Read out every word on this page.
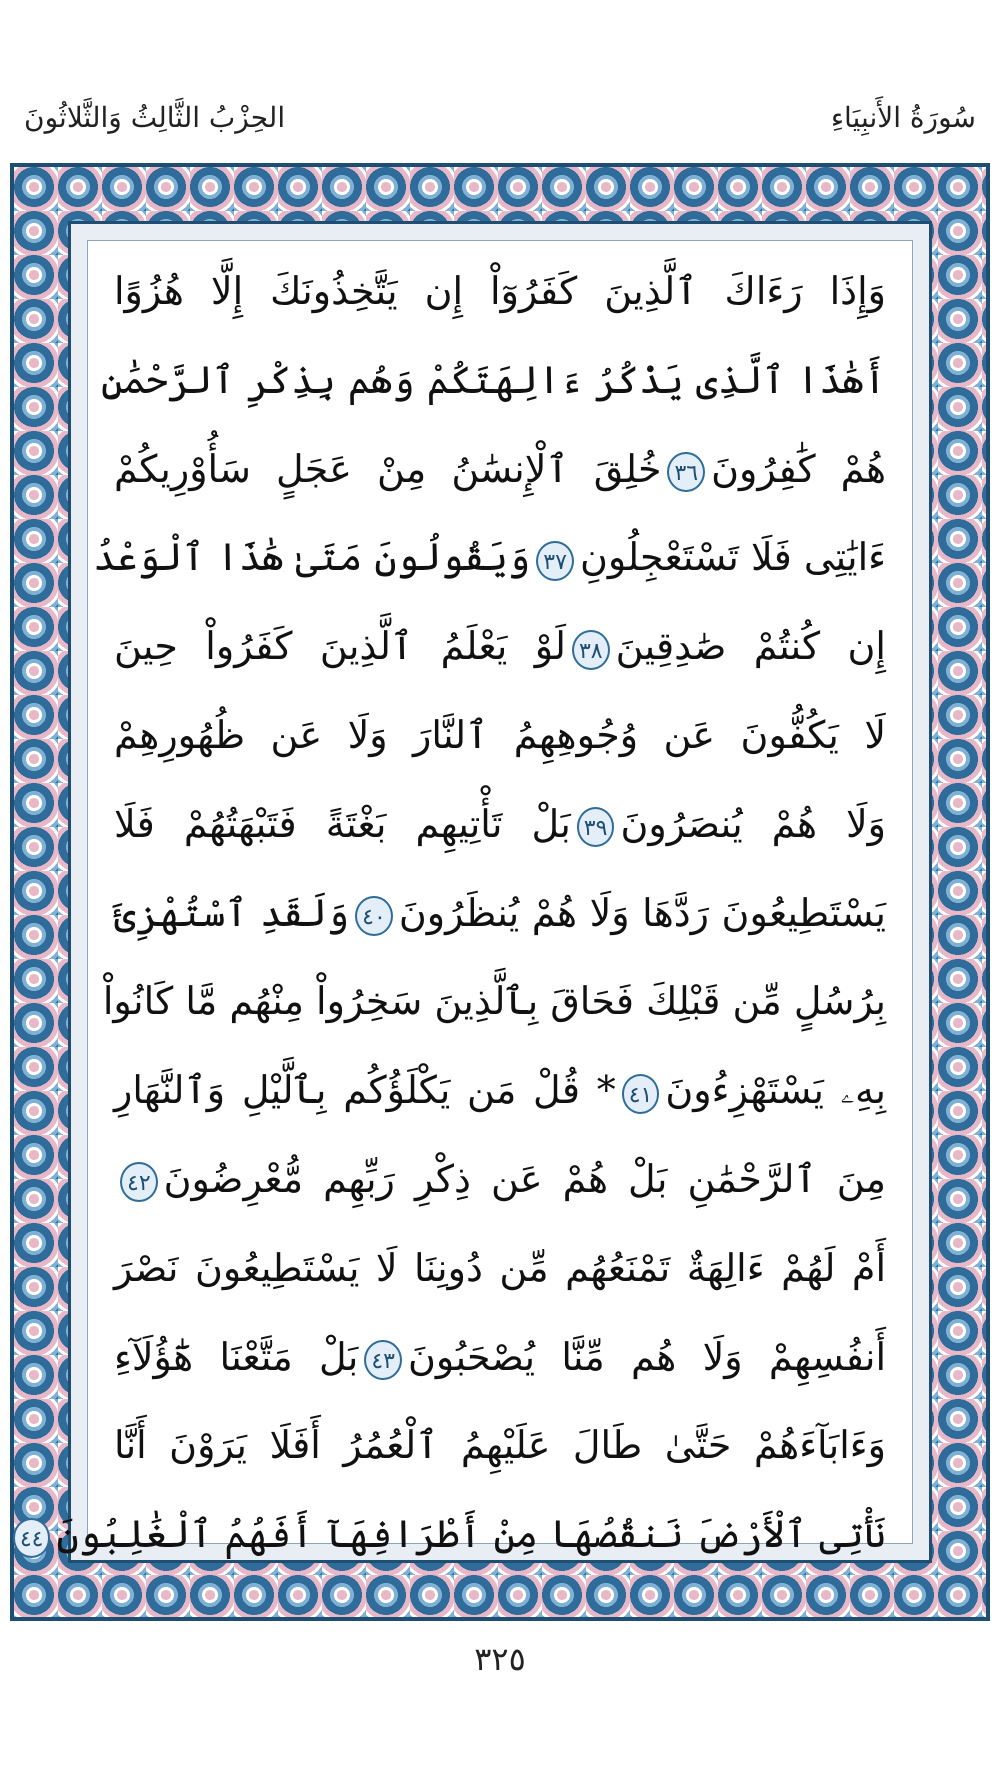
سُورَةُ الأَنبِيَاءِ
الحِزْبُ الثَّالِثُ وَالثَّلاثُونَ
وَإِذَا رَءَاكَ ٱلَّذِينَ كَفَرُوٓاْ إِن يَتَّخِذُونَكَ إِلَّا هُزُوًا
أَهَٰذَا ٱلَّذِى يَذْكُرُ ءَالِهَتَكُمْ وَهُم بِذِكْرِ ٱلرَّحْمَٰنِ
هُمْ كَٰفِرُونَ٣٦خُلِقَ ٱلْإِنسَٰنُ مِنْ عَجَلٍ سَأُوْرِيكُمْ
ءَايَٰتِى فَلَا تَسْتَعْجِلُونِ٣٧وَيَقُولُونَ مَتَىٰ هَٰذَا ٱلْوَعْدُ
إِن كُنتُمْ صَٰدِقِينَ٣٨لَوْ يَعْلَمُ ٱلَّذِينَ كَفَرُواْ حِينَ
لَا يَكُفُّونَ عَن وُجُوهِهِمُ ٱلنَّارَ وَلَا عَن ظُهُورِهِمْ
وَلَا هُمْ يُنصَرُونَ٣٩بَلْ تَأْتِيهِم بَغْتَةً فَتَبْهَتُهُمْ فَلَا
يَسْتَطِيعُونَ رَدَّهَا وَلَا هُمْ يُنظَرُونَ٤٠وَلَقَدِ ٱسْتُهْزِئَ
بِرُسُلٍ مِّن قَبْلِكَ فَحَاقَ بِٱلَّذِينَ سَخِرُواْ مِنْهُم مَّا كَانُواْ
بِهِۦ يَسْتَهْزِءُونَ٤١* قُلْ مَن يَكْلَؤُكُم بِٱلَّيْلِ وَٱلنَّهَارِ
مِنَ ٱلرَّحْمَٰنِ بَلْ هُمْ عَن ذِكْرِ رَبِّهِم مُّعْرِضُونَ٤٢
أَمْ لَهُمْ ءَالِهَةٌ تَمْنَعُهُم مِّن دُونِنَا لَا يَسْتَطِيعُونَ نَصْرَ
أَنفُسِهِمْ وَلَا هُم مِّنَّا يُصْحَبُونَ٤٣بَلْ مَتَّعْنَا هَٰٓؤُلَآءِ
وَءَابَآءَهُمْ حَتَّىٰ طَالَ عَلَيْهِمُ ٱلْعُمُرُ أَفَلَا يَرَوْنَ أَنَّا
نَأْتِى ٱلْأَرْضَ نَنقُصُهَا مِنْ أَطْرَافِهَآ أَفَهُمُ ٱلْغَٰلِبُونَ٤٤
٣٢٥
